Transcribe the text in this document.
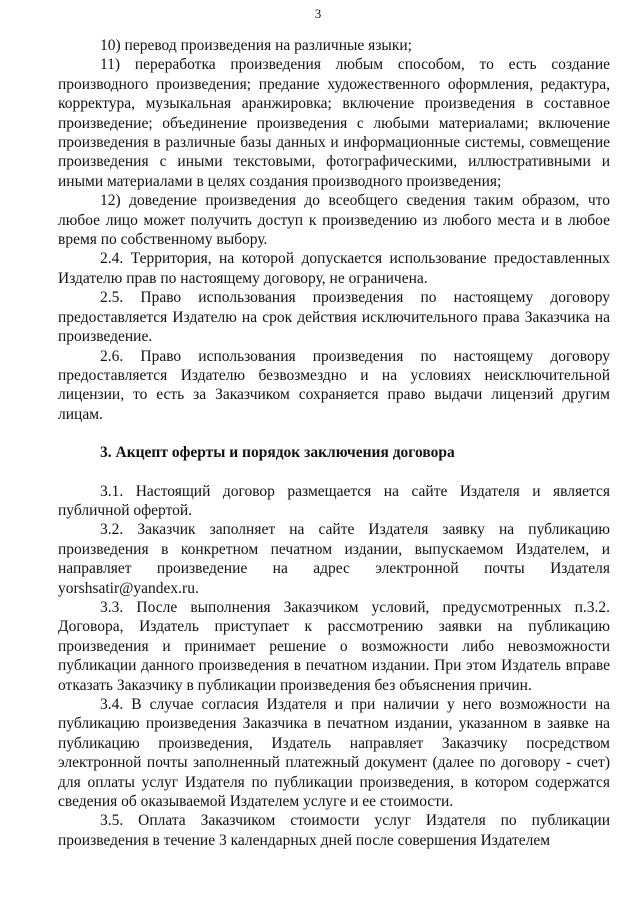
3

10) перевод произведения на различные языки;

11) переработка произведения любым способом, то есть создание производного произведения; предание художественного оформления, редактура, корректура, музыкальная аранжировка; включение произведения в составное произведение; объединение произведения с любыми материалами; включение произведения в различные базы данных и информационные системы, совмещение произведения с иными текстовыми, фотографическими, иллюстративными и иными материалами в целях создания производного произведения;

12) доведение произведения до всеобщего сведения таким образом, что любое лицо может получить доступ к произведению из любого места и в любое время по собственному выбору.

2.4. Территория, на которой допускается использование предоставленных Издателю прав по настоящему договору, не ограничена.

2.5. Право использования произведения по настоящему договору предоставляется Издателю на срок действия исключительного права Заказчика на произведение.

2.6. Право использования произведения по настоящему договору предоставляется Издателю безвозмездно и на условиях неисключительной лицензии, то есть за Заказчиком сохраняется право выдачи лицензий другим лицам.

3. Акцепт оферты и порядок заключения договора

3.1. Настоящий договор размещается на сайте Издателя и является публичной офертой.

3.2. Заказчик заполняет на сайте Издателя заявку на публикацию произведения в конкретном печатном издании, выпускаемом Издателем, и направляет произведение на адрес электронной почты Издателя yorshsatir@yandex.ru.

3.3. После выполнения Заказчиком условий, предусмотренных п.3.2. Договора, Издатель приступает к рассмотрению заявки на публикацию произведения и принимает решение о возможности либо невозможности публикации данного произведения в печатном издании. При этом Издатель вправе отказать Заказчику в публикации произведения без объяснения причин.

3.4. В случае согласия Издателя и при наличии у него возможности на публикацию произведения Заказчика в печатном издании, указанном в заявке на публикацию произведения, Издатель направляет Заказчику посредством электронной почты заполненный платежный документ (далее по договору - счет) для оплаты услуг Издателя по публикации произведения, в котором содержатся сведения об оказываемой Издателем услуге и ее стоимости.

3.5. Оплата Заказчиком стоимости услуг Издателя по публикации произведения в течение 3 календарных дней после совершения Издателем
